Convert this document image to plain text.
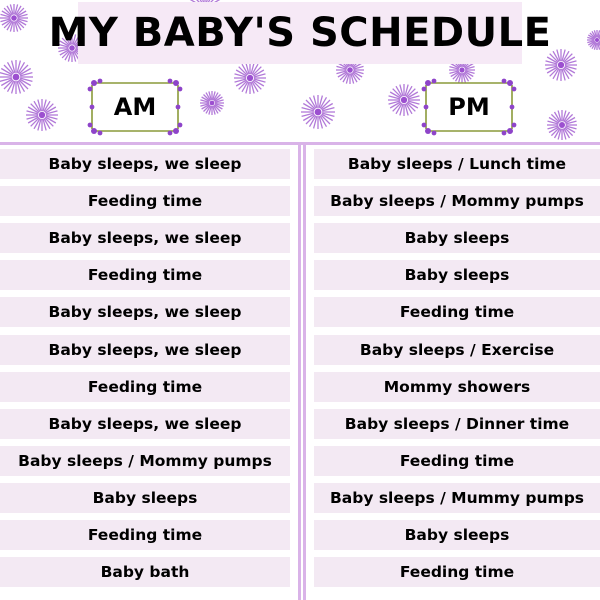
MY BABY'S SCHEDULE
AM	PM
Baby sleeps, we sleep
Feeding time
Baby sleeps, we sleep
Feeding time
Baby sleeps, we sleep
Baby sleeps, we sleep
Feeding time
Baby sleeps, we sleep
Baby sleeps / Mommy pumps
Baby sleeps
Feeding time
Baby bath
Baby sleeps / Lunch time
Baby sleeps / Mommy pumps
Baby sleeps
Baby sleeps
Feeding time
Baby sleeps / Exercise
Mommy showers
Baby sleeps / Dinner time
Feeding time
Baby sleeps / Mummy pumps
Baby sleeps
Feeding time
